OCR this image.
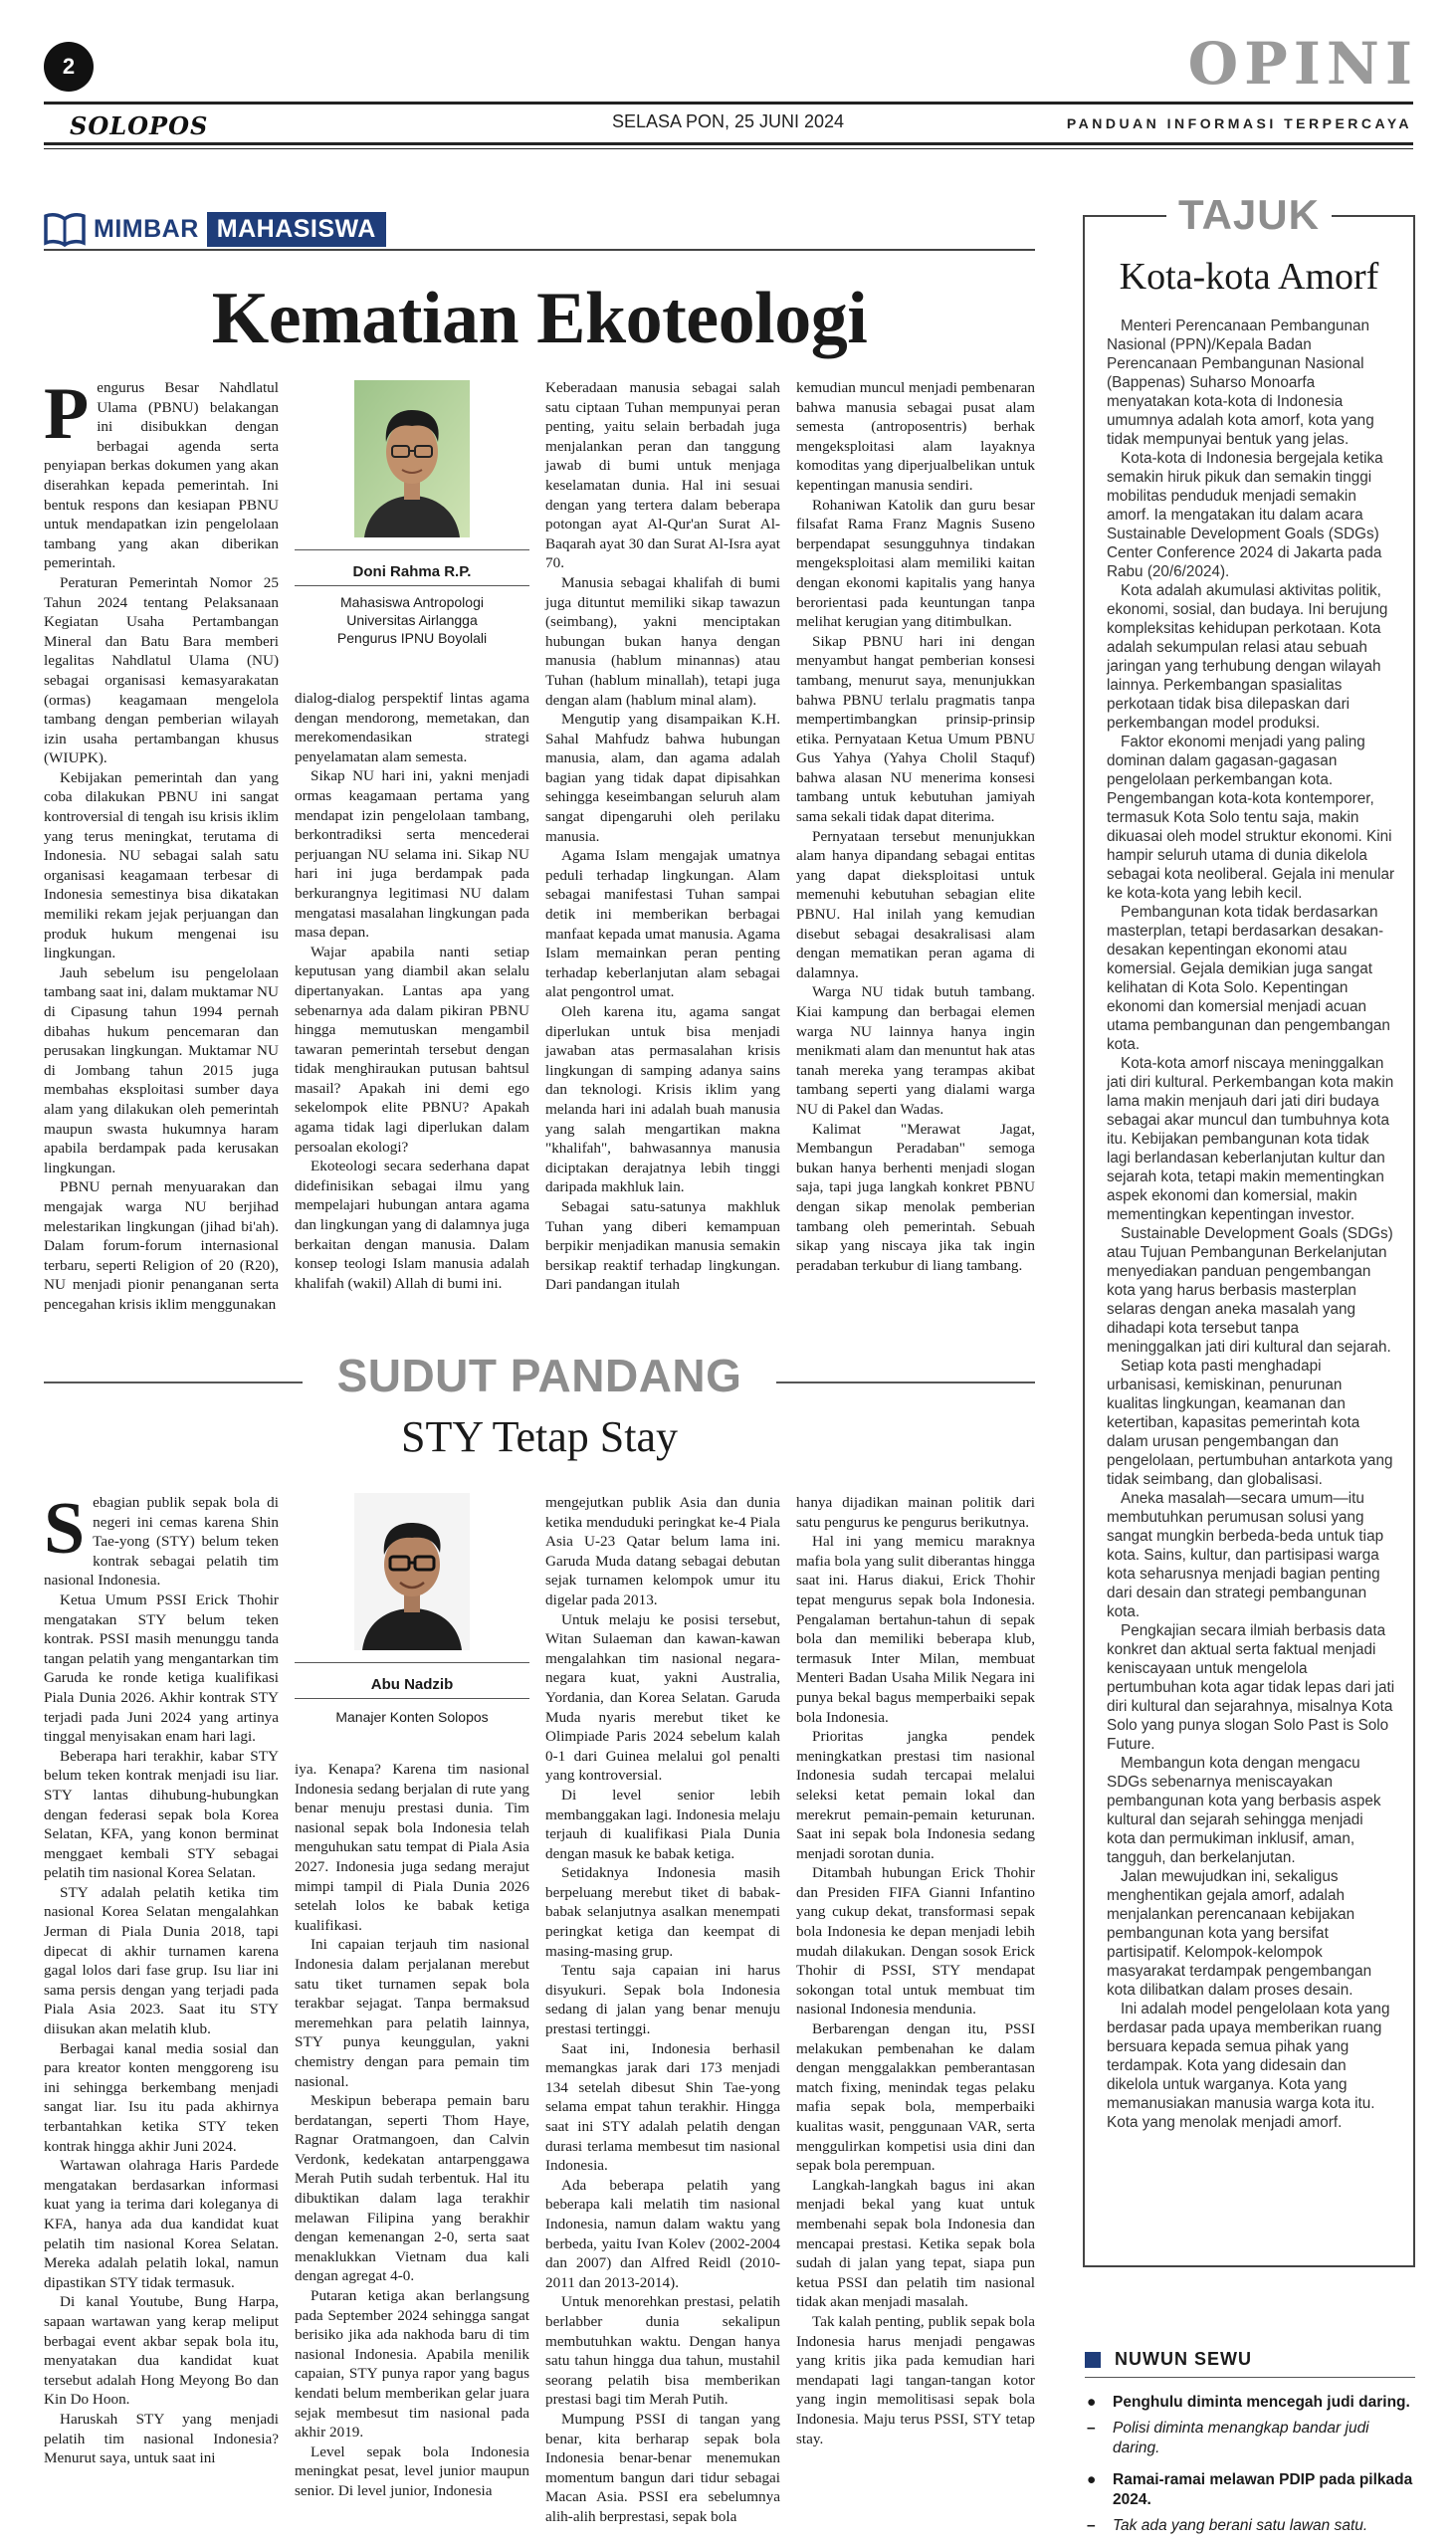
2	OPINI
SOLOPOS	SELASA PON, 25 JUNI 2024	PANDUAN INFORMASI TERPERCAYA
MIMBAR MAHASISWA
Kematian Ekoteologi

Pengurus Besar Nahdlatul Ulama (PBNU) belakangan ini disibukkan dengan berbagai agenda serta penyiapan berkas dokumen yang akan diserahkan kepada pemerintah. Ini bentuk respons dan kesiapan PBNU untuk mendapatkan izin pengelolaan tambang yang akan diberikan pemerintah.

Peraturan Pemerintah Nomor 25 Tahun 2024 tentang Pelaksanaan Kegiatan Usaha Pertambangan Mineral dan Batu Bara memberi legalitas Nahdlatul Ulama (NU) sebagai organisasi kemasyarakatan (ormas) keagamaan mengelola tambang dengan pemberian wilayah izin usaha pertambangan khusus (WIUPK).

Kebijakan pemerintah dan yang coba dilakukan PBNU ini sangat kontroversial di tengah isu krisis iklim yang terus meningkat, terutama di Indonesia. NU sebagai salah satu organisasi keagamaan terbesar di Indonesia semestinya bisa dikatakan memiliki rekam jejak perjuangan dan produk hukum mengenai isu lingkungan.

Jauh sebelum isu pengelolaan tambang saat ini, dalam muktamar NU di Cipasung tahun 1994 pernah dibahas hukum pencemaran dan perusakan lingkungan. Muktamar NU di Jombang tahun 2015 juga membahas eksploitasi sumber daya alam yang dilakukan oleh pemerintah maupun swasta hukumnya haram apabila berdampak pada kerusakan lingkungan.

PBNU pernah menyuarakan dan mengajak warga NU berjihad melestarikan lingkungan (jihad bi'ah). Dalam forum-forum internasional terbaru, seperti Religion of 20 (R20), NU menjadi pionir penanganan serta pencegahan krisis iklim menggunakan

Doni Rahma R.P.
Mahasiswa Antropologi
Universitas Airlangga
Pengurus IPNU Boyolali

dialog-dialog perspektif lintas agama dengan mendorong, memetakan, dan merekomendasikan strategi penyelamatan alam semesta.

Sikap NU hari ini, yakni menjadi ormas keagamaan pertama yang mendapat izin pengelolaan tambang, berkontradiksi serta mencederai perjuangan NU selama ini. Sikap NU hari ini juga berdampak pada berkurangnya legitimasi NU dalam mengatasi masalahan lingkungan pada masa depan.

Wajar apabila nanti setiap keputusan yang diambil akan selalu dipertanyakan. Lantas apa yang sebenarnya ada dalam pikiran PBNU hingga memutuskan mengambil tawaran pemerintah tersebut dengan tidak menghiraukan putusan bahtsul masail? Apakah ini demi ego sekelompok elite PBNU? Apakah agama tidak lagi diperlukan dalam persoalan ekologi?

Ekoteologi secara sederhana dapat didefinisikan sebagai ilmu yang mempelajari hubungan antara agama dan lingkungan yang di dalamnya juga berkaitan dengan manusia. Dalam konsep teologi Islam manusia adalah khalifah (wakil) Allah di bumi ini.

Keberadaan manusia sebagai salah satu ciptaan Tuhan mempunyai peran penting, yaitu selain berbadah juga menjalankan peran dan tanggung jawab di bumi untuk menjaga keselamatan dunia. Hal ini sesuai dengan yang tertera dalam beberapa potongan ayat Al-Qur'an Surat Al-Baqarah ayat 30 dan Surat Al-Isra ayat 70.

Manusia sebagai khalifah di bumi juga dituntut memiliki sikap tawazun (seimbang), yakni menciptakan hubungan bukan hanya dengan manusia (hablum minannas) atau Tuhan (hablum minallah), tetapi juga dengan alam (hablum minal alam).

Mengutip yang disampaikan K.H. Sahal Mahfudz bahwa hubungan manusia, alam, dan agama adalah bagian yang tidak dapat dipisahkan sehingga keseimbangan seluruh alam sangat dipengaruhi oleh perilaku manusia.

Agama Islam mengajak umatnya peduli terhadap lingkungan. Alam sebagai manifestasi Tuhan sampai detik ini memberikan berbagai manfaat kepada umat manusia. Agama Islam memainkan peran penting terhadap keberlanjutan alam sebagai alat pengontrol umat.

Oleh karena itu, agama sangat diperlukan untuk bisa menjadi jawaban atas permasalahan krisis lingkungan di samping adanya sains dan teknologi. Krisis iklim yang melanda hari ini adalah buah manusia yang salah mengartikan makna "khalifah", bahwasannya manusia diciptakan derajatnya lebih tinggi daripada makhluk lain.

Sebagai satu-satunya makhluk Tuhan yang diberi kemampuan berpikir menjadikan manusia semakin bersikap reaktif terhadap lingkungan. Dari pandangan itulah

kemudian muncul menjadi pembenaran bahwa manusia sebagai pusat alam semesta (antroposentris) berhak mengeksploitasi alam layaknya komoditas yang diperjualbelikan untuk kepentingan manusia sendiri.

Rohaniwan Katolik dan guru besar filsafat Rama Franz Magnis Suseno berpendapat sesungguhnya tindakan mengeksploitasi alam memiliki kaitan dengan ekonomi kapitalis yang hanya berorientasi pada keuntungan tanpa melihat kerugian yang ditimbulkan.

Sikap PBNU hari ini dengan menyambut hangat pemberian konsesi tambang, menurut saya, menunjukkan bahwa PBNU terlalu pragmatis tanpa mempertimbangkan prinsip-prinsip etika. Pernyataan Ketua Umum PBNU Gus Yahya (Yahya Cholil Staquf) bahwa alasan NU menerima konsesi tambang untuk kebutuhan jamiyah sama sekali tidak dapat diterima.

Pernyataan tersebut menunjukkan alam hanya dipandang sebagai entitas yang dapat dieksploitasi untuk memenuhi kebutuhan sebagian elite PBNU. Hal inilah yang kemudian disebut sebagai desakralisasi alam dengan mematikan peran agama di dalamnya.

Warga NU tidak butuh tambang. Kiai kampung dan berbagai elemen warga NU lainnya hanya ingin menikmati alam dan menuntut hak atas tanah mereka yang terampas akibat tambang seperti yang dialami warga NU di Pakel dan Wadas.

Kalimat "Merawat Jagat, Membangun Peradaban" semoga bukan hanya berhenti menjadi slogan saja, tapi juga langkah konkret PBNU dengan sikap menolak pemberian tambang oleh pemerintah. Sebuah sikap yang niscaya jika tak ingin peradaban terkubur di liang tambang.

SUDUT PANDANG
STY Tetap Stay

Sebagian publik sepak bola di negeri ini cemas karena Shin Tae-yong (STY) belum teken kontrak sebagai pelatih tim nasional Indonesia.

Ketua Umum PSSI Erick Thohir mengatakan STY belum teken kontrak. PSSI masih menunggu tanda tangan pelatih yang mengantarkan tim Garuda ke ronde ketiga kualifikasi Piala Dunia 2026. Akhir kontrak STY terjadi pada Juni 2024 yang artinya tinggal menyisakan enam hari lagi.

Beberapa hari terakhir, kabar STY belum teken kontrak menjadi isu liar. STY lantas dihubung-hubungkan dengan federasi sepak bola Korea Selatan, KFA, yang konon berminat menggaet kembali STY sebagai pelatih tim nasional Korea Selatan.

STY adalah pelatih ketika tim nasional Korea Selatan mengalahkan Jerman di Piala Dunia 2018, tapi dipecat di akhir turnamen karena gagal lolos dari fase grup. Isu liar ini sama persis dengan yang terjadi pada Piala Asia 2023. Saat itu STY diisukan akan melatih klub.

Berbagai kanal media sosial dan para kreator konten menggoreng isu ini sehingga berkembang menjadi sangat liar. Isu itu pada akhirnya terbantahkan ketika STY teken kontrak hingga akhir Juni 2024.

Wartawan olahraga Haris Pardede mengatakan berdasarkan informasi kuat yang ia terima dari koleganya di KFA, hanya ada dua kandidat kuat pelatih tim nasional Korea Selatan. Mereka adalah pelatih lokal, namun dipastikan STY tidak termasuk.

Di kanal Youtube, Bung Harpa, sapaan wartawan yang kerap meliput berbagai event akbar sepak bola itu, menyatakan dua kandidat kuat tersebut adalah Hong Meyong Bo dan Kin Do Hoon.

Haruskah STY yang menjadi pelatih tim nasional Indonesia? Menurut saya, untuk saat ini

Abu Nadzib
Manajer Konten Solopos

iya. Kenapa? Karena tim nasional Indonesia sedang berjalan di rute yang benar menuju prestasi dunia. Tim nasional sepak bola Indonesia telah menguhukan satu tempat di Piala Asia 2027. Indonesia juga sedang merajut mimpi tampil di Piala Dunia 2026 setelah lolos ke babak ketiga kualifikasi.

Ini capaian terjauh tim nasional Indonesia dalam perjalanan merebut satu tiket turnamen sepak bola terakbar sejagat. Tanpa bermaksud meremehkan para pelatih lainnya, STY punya keunggulan, yakni chemistry dengan para pemain tim nasional.

Meskipun beberapa pemain baru berdatangan, seperti Thom Haye, Ragnar Oratmangoen, dan Calvin Verdonk, kedekatan antarpenggawa Merah Putih sudah terbentuk. Hal itu dibuktikan dalam laga terakhir melawan Filipina yang berakhir dengan kemenangan 2-0, serta saat menaklukkan Vietnam dua kali dengan agregat 4-0.

Putaran ketiga akan berlangsung pada September 2024 sehingga sangat berisiko jika ada nakhoda baru di tim nasional Indonesia. Apabila menilik capaian, STY punya rapor yang bagus kendati belum memberikan gelar juara sejak membesut tim nasional pada akhir 2019.

Level sepak bola Indonesia meningkat pesat, level junior maupun senior. Di level junior, Indonesia

mengejutkan publik Asia dan dunia ketika menduduki peringkat ke-4 Piala Asia U-23 Qatar belum lama ini. Garuda Muda datang sebagai debutan sejak turnamen kelompok umur itu digelar pada 2013.

Untuk melaju ke posisi tersebut, Witan Sulaeman dan kawan-kawan mengalahkan tim nasional negara-negara kuat, yakni Australia, Yordania, dan Korea Selatan. Garuda Muda nyaris merebut tiket ke Olimpiade Paris 2024 sebelum kalah 0-1 dari Guinea melalui gol penalti yang kontroversial.

Di level senior lebih membanggakan lagi. Indonesia melaju terjauh di kualifikasi Piala Dunia dengan masuk ke babak ketiga.

Setidaknya Indonesia masih berpeluang merebut tiket di babak-babak selanjutnya asalkan menempati peringkat ketiga dan keempat di masing-masing grup.

Tentu saja capaian ini harus disyukuri. Sepak bola Indonesia sedang di jalan yang benar menuju prestasi tertinggi.

Saat ini, Indonesia berhasil memangkas jarak dari 173 menjadi 134 setelah dibesut Shin Tae-yong selama empat tahun terakhir. Hingga saat ini STY adalah pelatih dengan durasi terlama membesut tim nasional Indonesia.

Ada beberapa pelatih yang beberapa kali melatih tim nasional Indonesia, namun dalam waktu yang berbeda, yaitu Ivan Kolev (2002-2004 dan 2007) dan Alfred Reidl (2010-2011 dan 2013-2014).

Untuk menorehkan prestasi, pelatih berlabber dunia sekalipun membutuhkan waktu. Dengan hanya satu tahun hingga dua tahun, mustahil seorang pelatih bisa memberikan prestasi bagi tim Merah Putih.

Mumpung PSSI di tangan yang benar, kita berharap sepak bola Indonesia benar-benar menemukan momentum bangun dari tidur sebagai Macan Asia. PSSI era sebelumnya alih-alih berprestasi, sepak bola

hanya dijadikan mainan politik dari satu pengurus ke pengurus berikutnya.

Hal ini yang memicu maraknya mafia bola yang sulit diberantas hingga saat ini. Harus diakui, Erick Thohir tepat mengurus sepak bola Indonesia. Pengalaman bertahun-tahun di sepak bola dan memiliki beberapa klub, termasuk Inter Milan, membuat Menteri Badan Usaha Milik Negara ini punya bekal bagus memperbaiki sepak bola Indonesia.

Prioritas jangka pendek meningkatkan prestasi tim nasional Indonesia sudah tercapai melalui seleksi ketat pemain lokal dan merekrut pemain-pemain keturunan. Saat ini sepak bola Indonesia sedang menjadi sorotan dunia.

Ditambah hubungan Erick Thohir dan Presiden FIFA Gianni Infantino yang cukup dekat, transformasi sepak bola Indonesia ke depan menjadi lebih mudah dilakukan. Dengan sosok Erick Thohir di PSSI, STY mendapat sokongan total untuk membuat tim nasional Indonesia mendunia.

Berbarengan dengan itu, PSSI melakukan pembenahan ke dalam dengan menggalakkan pemberantasan match fixing, menindak tegas pelaku mafia sepak bola, memperbaiki kualitas wasit, penggunaan VAR, serta menggulirkan kompetisi usia dini dan sepak bola perempuan.

Langkah-langkah bagus ini akan menjadi bekal yang kuat untuk membenahi sepak bola Indonesia dan mencapai prestasi. Ketika sepak bola sudah di jalan yang tepat, siapa pun ketua PSSI dan pelatih tim nasional tidak akan menjadi masalah.

Tak kalah penting, publik sepak bola Indonesia harus menjadi pengawas yang kritis jika pada kemudian hari mendapati lagi tangan-tangan kotor yang ingin memolitisasi sepak bola Indonesia. Maju terus PSSI, STY tetap stay.

TAJUK
Kota-kota Amorf

Menteri Perencanaan Pembangunan Nasional (PPN)/Kepala Badan Perencanaan Pembangunan Nasional (Bappenas) Suharso Monoarfa menyatakan kota-kota di Indonesia umumnya adalah kota amorf, kota yang tidak mempunyai bentuk yang jelas.

Kota-kota di Indonesia bergejala ketika semakin hiruk pikuk dan semakin tinggi mobilitas penduduk menjadi semakin amorf. Ia mengatakan itu dalam acara Sustainable Development Goals (SDGs) Center Conference 2024 di Jakarta pada Rabu (20/6/2024).

Kota adalah akumulasi aktivitas politik, ekonomi, sosial, dan budaya. Ini berujung kompleksitas kehidupan perkotaan. Kota adalah sekumpulan relasi atau sebuah jaringan yang terhubung dengan wilayah lainnya. Perkembangan spasialitas perkotaan tidak bisa dilepaskan dari perkembangan model produksi.

Faktor ekonomi menjadi yang paling dominan dalam gagasan-gagasan pengelolaan perkembangan kota. Pengembangan kota-kota kontemporer, termasuk Kota Solo tentu saja, makin dikuasai oleh model struktur ekonomi. Kini hampir seluruh utama di dunia dikelola sebagai kota neoliberal. Gejala ini menular ke kota-kota yang lebih kecil.

Pembangunan kota tidak berdasarkan masterplan, tetapi berdasarkan desakan-desakan kepentingan ekonomi atau komersial. Gejala demikian juga sangat kelihatan di Kota Solo. Kepentingan ekonomi dan komersial menjadi acuan utama pembangunan dan pengembangan kota.

Kota-kota amorf niscaya meninggalkan jati diri kultural. Perkembangan kota makin lama makin menjauh dari jati diri budaya sebagai akar muncul dan tumbuhnya kota itu. Kebijakan pembangunan kota tidak lagi berlandasan keberlanjutan kultur dan sejarah kota, tetapi makin mementingkan aspek ekonomi dan komersial, makin mementingkan kepentingan investor.

Sustainable Development Goals (SDGs) atau Tujuan Pembangunan Berkelanjutan menyediakan panduan pengembangan kota yang harus berbasis masterplan selaras dengan aneka masalah yang dihadapi kota tersebut tanpa meninggalkan jati diri kultural dan sejarah.

Setiap kota pasti menghadapi urbanisasi, kemiskinan, penurunan kualitas lingkungan, keamanan dan ketertiban, kapasitas pemerintah kota dalam urusan pengembangan dan pengelolaan, pertumbuhan antarkota yang tidak seimbang, dan globalisasi.

Aneka masalah—secara umum—itu membutuhkan perumusan solusi yang sangat mungkin berbeda-beda untuk tiap kota. Sains, kultur, dan partisipasi warga kota seharusnya menjadi bagian penting dari desain dan strategi pembangunan kota.

Pengkajian secara ilmiah berbasis data konkret dan aktual serta faktual menjadi keniscayaan untuk mengelola pertumbuhan kota agar tidak lepas dari jati diri kultural dan sejarahnya, misalnya Kota Solo yang punya slogan Solo Past is Solo Future.

Membangun kota dengan mengacu SDGs sebenarnya meniscayakan pembangunan kota yang berbasis aspek kultural dan sejarah sehingga menjadi kota dan permukiman inklusif, aman, tangguh, dan berkelanjutan.

Jalan mewujudkan ini, sekaligus menghentikan gejala amorf, adalah menjalankan perencanaan kebijakan pembangunan kota yang bersifat partisipatif. Kelompok-kelompok masyarakat terdampak pengembangan kota dilibatkan dalam proses desain.

Ini adalah model pengelolaan kota yang berdasar pada upaya memberikan ruang bersuara kepada semua pihak yang terdampak. Kota yang didesain dan dikelola untuk warganya. Kota yang memanusiakan manusia warga kota itu. Kota yang menolak menjadi amorf.

NUWUN SEWU
● Penghulu diminta mencegah judi daring.
– Polisi diminta menangkap bandar judi daring.
● Ramai-ramai melawan PDIP pada pilkada 2024.
– Tak ada yang berani satu lawan satu.
